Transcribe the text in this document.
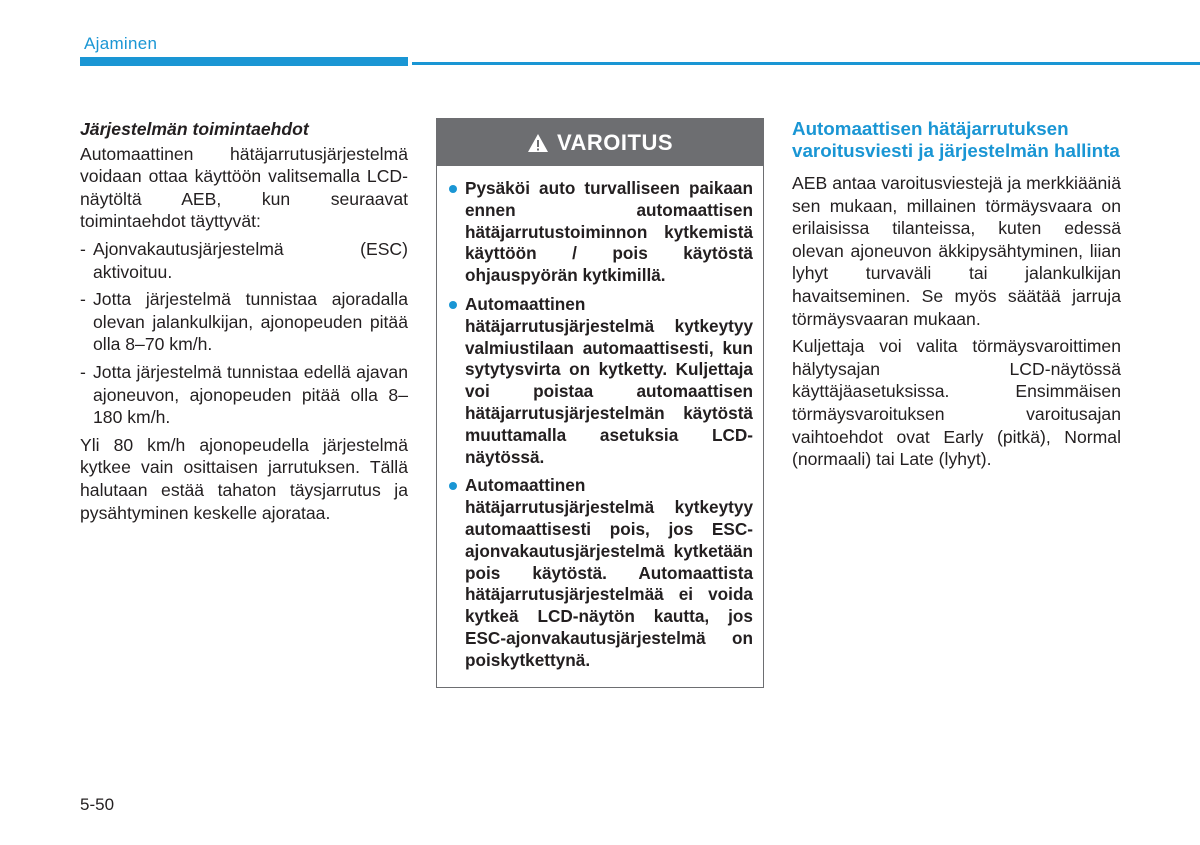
Ajaminen
Järjestelmän toimintaehdot

Automaattinen hätäjarrutusjärjestelmä voidaan ottaa käyttöön valitsemalla LCD-näytöltä AEB, kun seuraavat toimintaehdot täyttyvät:

- Ajonvakautusjärjestelmä (ESC) aktivoituu.
- Jotta järjestelmä tunnistaa ajoradalla olevan jalankulkijan, ajonopeuden pitää olla 8–70 km/h.
- Jotta järjestelmä tunnistaa edellä ajavan ajoneuvon, ajonopeuden pitää olla 8–180 km/h.

Yli 80 km/h ajonopeudella järjestelmä kytkee vain osittaisen jarrutuksen. Tällä halutaan estää tahaton täysjarrutus ja pysähtyminen keskelle ajorataa.

VAROITUS
Pysäköi auto turvalliseen paikaan ennen automaattisen hätäjarrutustoiminnon kytkemistä käyttöön / pois käytöstä ohjauspyörän kytkimillä.
Automaattinen hätäjarrutusjärjestelmä kytkeytyy valmiustilaan automaattisesti, kun sytytysvirta on kytketty. Kuljettaja voi poistaa automaattisen hätäjarrutusjärjestelmän käytöstä muuttamalla asetuksia LCD-näytössä.
Automaattinen hätäjarrutusjärjestelmä kytkeytyy automaattisesti pois, jos ESC-ajonvakautusjärjestelmä kytketään pois käytöstä. Automaattista hätäjarrutusjärjestelmää ei voida kytkeä LCD-näytön kautta, jos ESC-ajonvakautusjärjestelmä on poiskytkettynä.
Automaattisen hätäjarrutuksen varoitusviesti ja järjestelmän hallinta

AEB antaa varoitusviestejä ja merkkiääniä sen mukaan, millainen törmäysvaara on erilaisissa tilanteissa, kuten edessä olevan ajoneuvon äkkipysähtyminen, liian lyhyt turvaväli tai jalankulkijan havaitseminen. Se myös säätää jarruja törmäysvaaran mukaan.

Kuljettaja voi valita törmäysvaroittimen hälytysajan LCD-näytössä käyttäjäasetuksissa. Ensimmäisen törmäysvaroituksen varoitusajan vaihtoehdot ovat Early (pitkä), Normal (normaali) tai Late (lyhyt).

5-50
